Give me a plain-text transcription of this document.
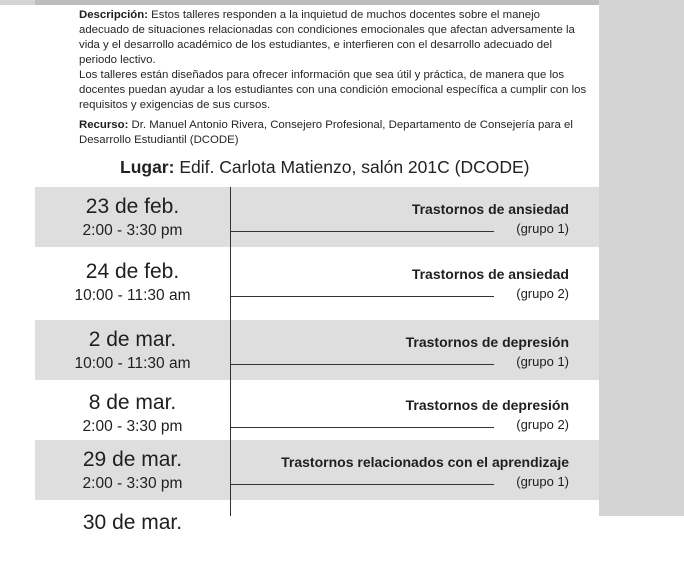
Descripción: Estos talleres responden a la inquietud de muchos docentes sobre el manejo adecuado de situaciones relacionadas con condiciones emocionales que afectan adversamente la vida y el desarrollo académico de los estudiantes, e interfieren con el desarrollo adecuado del periodo lectivo.

Los talleres están diseñados para ofrecer información que sea útil y práctica, de manera que los docentes puedan ayudar a los estudiantes con una condición emocional específica a cumplir con los requisitos y exigencias de sus cursos.

Recurso: Dr. Manuel Antonio Rivera, Consejero Profesional, Departamento de Consejería para el Desarrollo Estudiantil (DCODE)

Lugar: Edif. Carlota Matienzo, salón 201C (DCODE)
23 de feb.
2:00 - 3:30 pm
Trastornos de ansiedad
(grupo 1)
24 de feb.
10:00 - 11:30 am
Trastornos de ansiedad
(grupo 2)
2 de mar.
10:00 - 11:30 am
Trastornos de depresión
(grupo 1)
8 de mar.
2:00 - 3:30 pm
Trastornos de depresión
(grupo 2)
29 de mar.
2:00 - 3:30 pm
Trastornos relacionados con el aprendizaje
(grupo 1)
30 de mar.
